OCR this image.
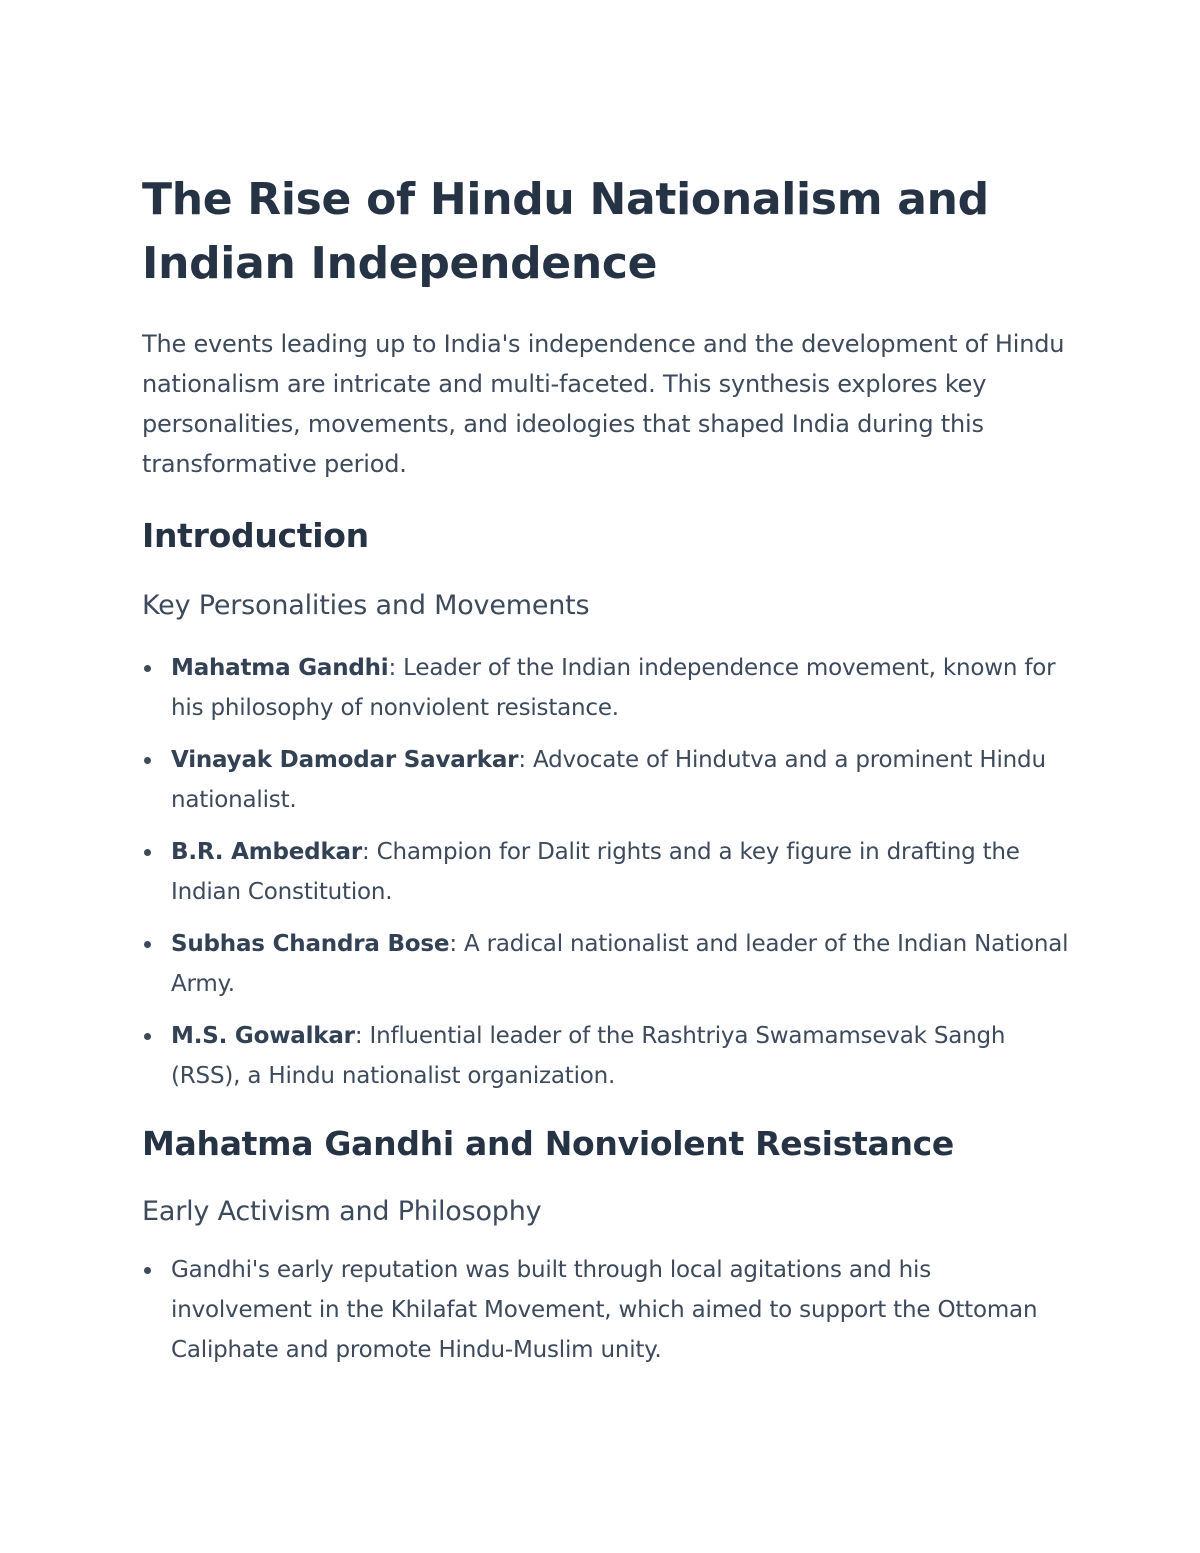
The Rise of Hindu Nationalism and Indian Independence

The events leading up to India's independence and the development of Hindu nationalism are intricate and multi-faceted. This synthesis explores key personalities, movements, and ideologies that shaped India during this transformative period.

Introduction
Key Personalities and Movements
Mahatma Gandhi: Leader of the Indian independence movement, known for his philosophy of nonviolent resistance.
Vinayak Damodar Savarkar: Advocate of Hindutva and a prominent Hindu nationalist.
B.R. Ambedkar: Champion for Dalit rights and a key figure in drafting the Indian Constitution.
Subhas Chandra Bose: A radical nationalist and leader of the Indian National Army.
M.S. Gowalkar: Influential leader of the Rashtriya Swamamsevak Sangh (RSS), a Hindu nationalist organization.
Mahatma Gandhi and Nonviolent Resistance
Early Activism and Philosophy
Gandhi's early reputation was built through local agitations and his involvement in the Khilafat Movement, which aimed to support the Ottoman Caliphate and promote Hindu-Muslim unity.
